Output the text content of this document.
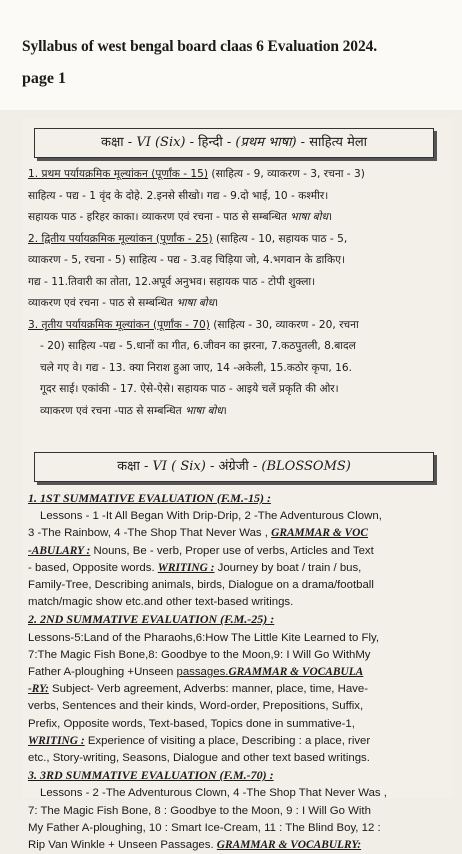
Syllabus of west bengal board claas 6 Evaluation 2024.
page 1
कक्षा - VI (Six) - हिन्दी - (प्रथम भाषा) - साहित्य मेला
1. प्रथम पर्यायक्रमिक मूल्यांकन (पूर्णांक - 15) (साहित्य - 9, व्याकरण - 3, रचना - 3)
साहित्य - पद्य - 1 वृंद के दोहे. 2.इनसे सीखो। गद्य - 9.दो भाई, 10 - कश्मीर।
सहायक पाठ - हरिहर काका। व्याकरण एवं रचना - पाठ से सम्बन्धित भाषा बोध।
2. द्वितीय पर्यायक्रमिक मूल्यांकन (पूर्णांक - 25) (साहित्य - 10, सहायक पाठ - 5,
व्याकरण - 5, रचना - 5) साहित्य - पद्य - 3.वह चिड़िया जो, 4.भगवान के डाकिए।
गद्य - 11.तिवारी का तोता, 12.अपूर्व अनुभव। सहायक पाठ - टोपी शुक्ला।
व्याकरण एवं रचना - पाठ से सम्बन्धित भाषा बोध।
3. तृतीय पर्यायक्रमिक मूल्यांकन (पूर्णांक - 70) (साहित्य - 30, व्याकरण - 20, रचना
- 20) साहित्य -पद्य - 5.धानों का गीत, 6.जीवन का झरना, 7.कठपुतली, 8.बादल
चले गए वे। गद्य - 13. क्या निराश हुआ जाए, 14 -अकेली, 15.कठोर कृपा, 16.
गूदर साई। एकांकी - 17. ऐसे-ऐसे। सहायक पाठ - आइये चलें प्रकृति की ओर।
व्याकरण एवं रचना -पाठ से सम्बन्धित भाषा बोध।
कक्षा - VI ( Six) - अंग्रेजी - (BLOSSOMS)
1. 1ST SUMMATIVE EVALUATION (F.M.-15) :
Lessons - 1 -It All Began With Drip-Drip, 2 -The Adventurous Clown,
3 -The Rainbow, 4 -The Shop That Never Was , GRAMMAR & VOC
-ABULARY : Nouns, Be - verb, Proper use of verbs, Articles and Text
- based, Opposite words. WRITING : Journey by boat / train / bus,
Family-Tree, Describing animals, birds, Dialogue on a drama/football
match/magic show etc.and other text-based writings.
2. 2ND SUMMATIVE EVALUATION (F.M.-25) :
Lessons-5:Land of the Pharaohs,6:How The Little Kite Learned to Fly,
7:The Magic Fish Bone,8: Goodbye to the Moon,9: I Will Go WithMy
Father A-ploughing +Unseen passages.GRAMMAR & VOCABULA
-RY: Subject- Verb agreement, Adverbs: manner, place, time, Have-
verbs, Sentences and their kinds, Word-order, Prepositions, Suffix,
Prefix, Opposite words, Text-based, Topics done in summative-1,
WRITING : Experience of visiting a place, Describing : a place, river
etc., Story-writing, Seasons, Dialogue and other text based writings.
3. 3RD SUMMATIVE EVALUATION (F.M.-70) :
Lessons - 2 -The Adventurous Clown, 4 -The Shop That Never Was ,
7: The Magic Fish Bone, 8 : Goodbye to the Moon, 9 : I Will Go With
My Father A-ploughing, 10 : Smart Ice-Cream, 11 : The Blind Boy, 12 :
Rip Van Winkle + Unseen Passages. GRAMMAR & VOCABULRY:
